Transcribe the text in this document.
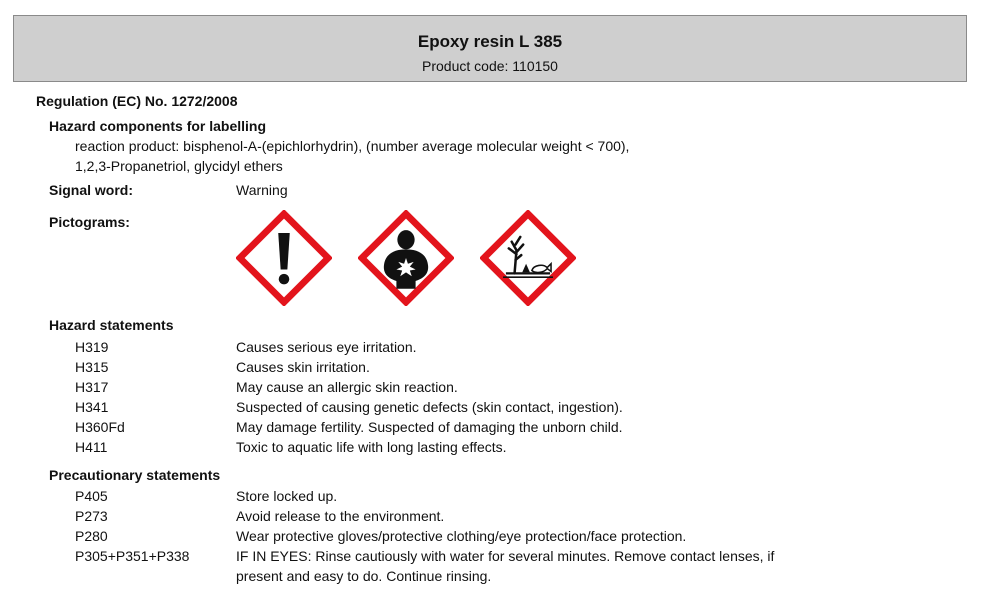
Epoxy resin L 385
Product code: 110150
Regulation (EC) No. 1272/2008
Hazard components for labelling
reaction product: bisphenol-A-(epichlorhydrin), (number average molecular weight < 700),
1,2,3-Propanetriol, glycidyl ethers
Signal word:	Warning
Pictograms:
Hazard statements
H319	Causes serious eye irritation.
H315	Causes skin irritation.
H317	May cause an allergic skin reaction.
H341	Suspected of causing genetic defects (skin contact, ingestion).
H360Fd	May damage fertility. Suspected of damaging the unborn child.
H411	Toxic to aquatic life with long lasting effects.
Precautionary statements
P405	Store locked up.
P273	Avoid release to the environment.
P280	Wear protective gloves/protective clothing/eye protection/face protection.
P305+P351+P338	IF IN EYES: Rinse cautiously with water for several minutes. Remove contact lenses, if
present and easy to do. Continue rinsing.
